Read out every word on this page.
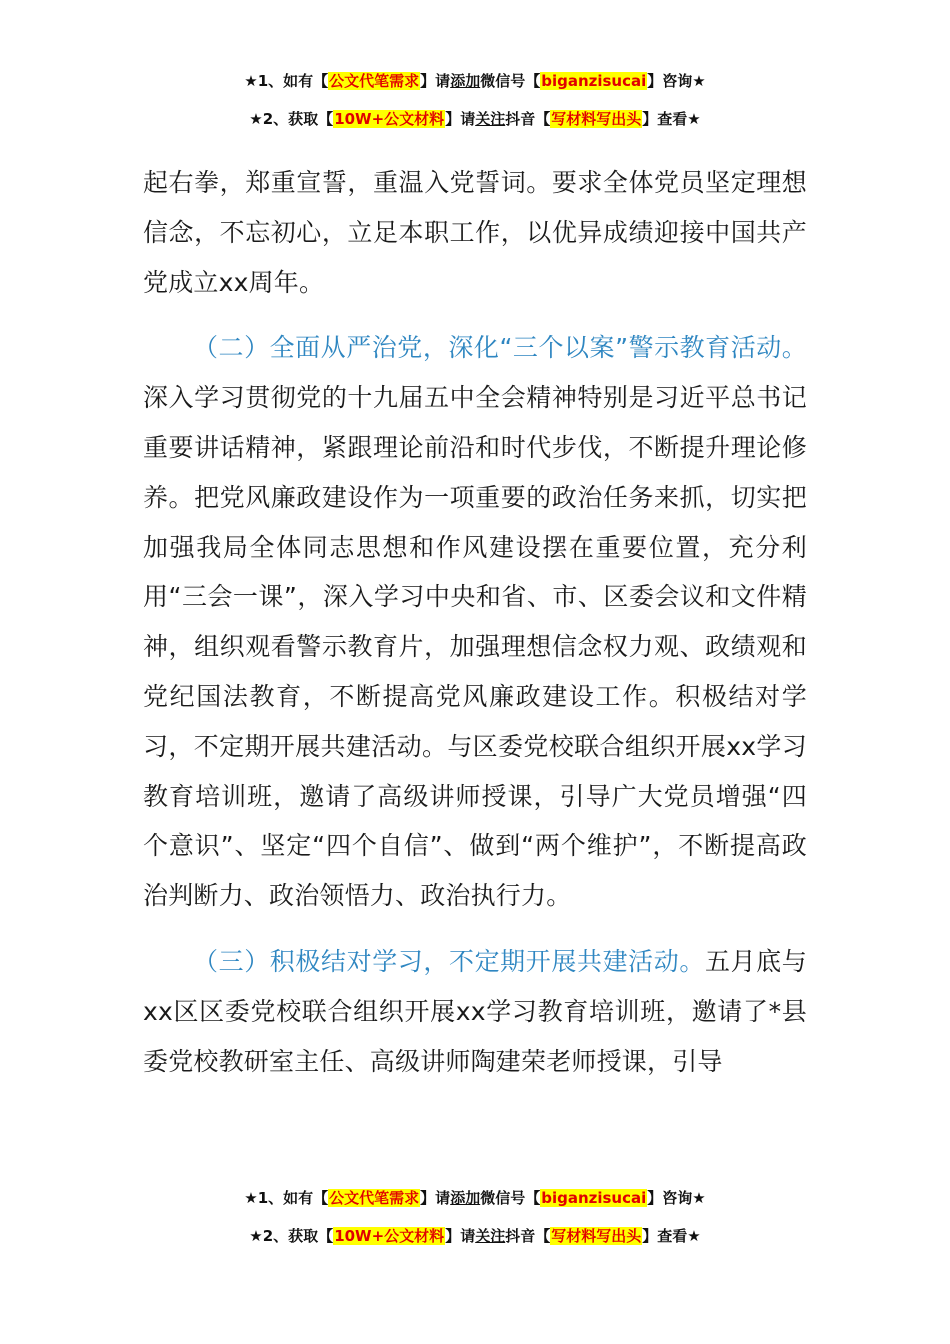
★1、如有【公文代笔需求】请添加微信号【biganzisucai】咨询★
★2、获取【10W+公文材料】请关注抖音【写材料写出头】查看★

起右拳，郑重宣誓，重温入党誓词。要求全体党员坚定理想信念，不忘初心，立足本职工作，以优异成绩迎接中国共产党成立xx周年。

（二）全面从严治党，深化“三个以案”警示教育活动。深入学习贯彻党的十九届五中全会精神特别是习近平总书记重要讲话精神，紧跟理论前沿和时代步伐，不断提升理论修养。把党风廉政建设作为一项重要的政治任务来抓，切实把加强我局全体同志思想和作风建设摆在重要位置，充分利用“三会一课”，深入学习中央和省、市、区委会议和文件精神，组织观看警示教育片，加强理想信念权力观、政绩观和党纪国法教育，不断提高党风廉政建设工作。积极结对学习，不定期开展共建活动。与区委党校联合组织开展xx学习教育培训班，邀请了高级讲师授课，引导广大党员增强“四个意识”、坚定“四个自信”、做到“两个维护”，不断提高政治判断力、政治领悟力、政治执行力。

（三）积极结对学习，不定期开展共建活动。五月底与xx区区委党校联合组织开展xx学习教育培训班，邀请了*县委党校教研室主任、高级讲师陶建荣老师授课，引导

★1、如有【公文代笔需求】请添加微信号【biganzisucai】咨询★
★2、获取【10W+公文材料】请关注抖音【写材料写出头】查看★
